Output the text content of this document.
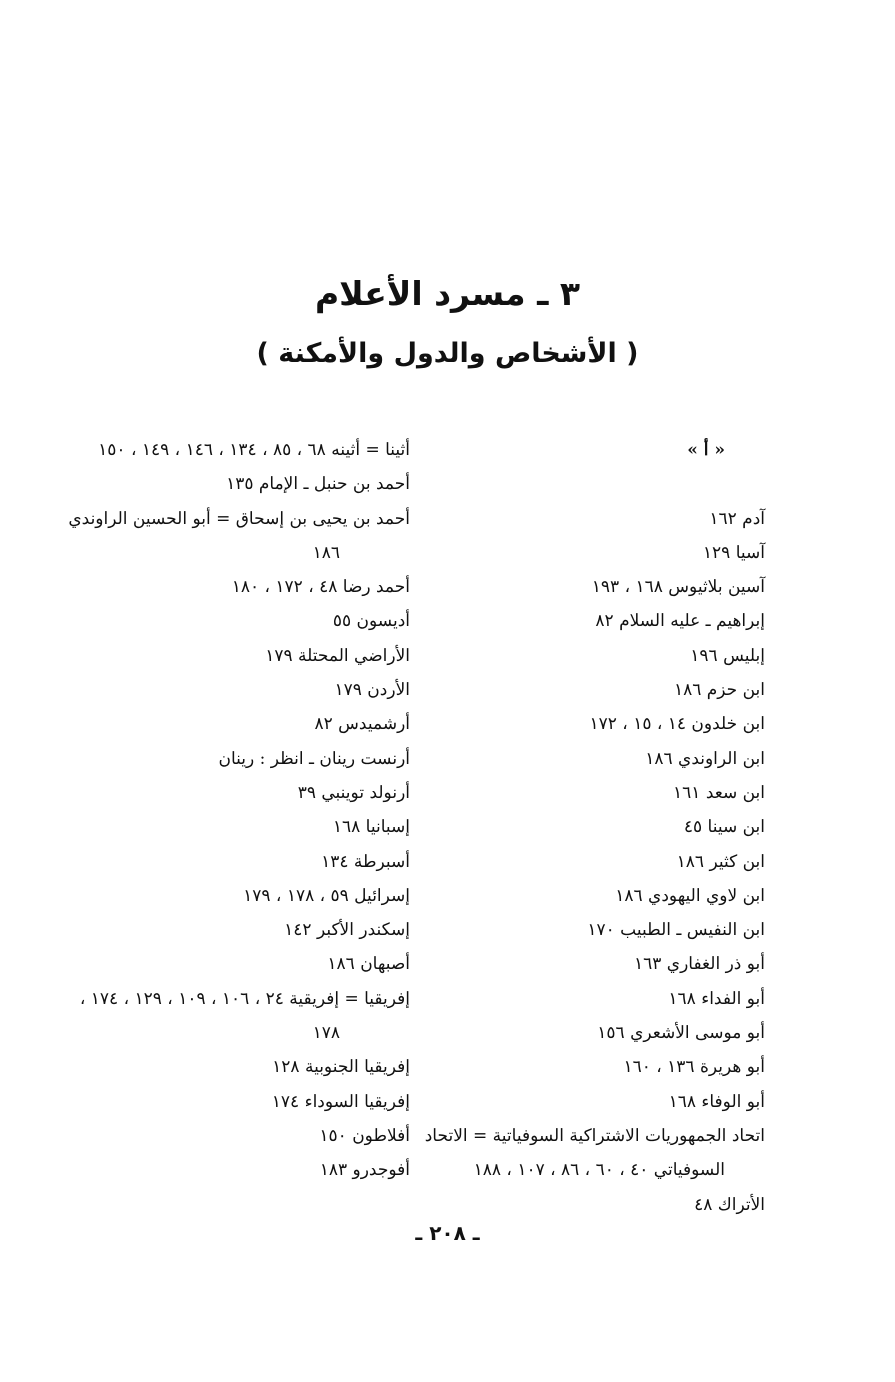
٣ ـ مسرد الأعلام
( الأشخاص والدول والأمكنة )
« أ »
آدم ١٦٢
آسيا ١٢٩
آسين بلاثيوس ١٦٨ ، ١٩٣
إبراهيم ـ عليه السلام ٨٢
إبليس ١٩٦
ابن حزم ١٨٦
ابن خلدون ١٤ ، ١٥ ، ١٧٢
ابن الراوندي ١٨٦
ابن سعد ١٦١
ابن سينا ٤٥
ابن كثير ١٨٦
ابن لاوي اليهودي ١٨٦
ابن النفيس ـ الطبيب ١٧٠
أبو ذر الغفاري ١٦٣
أبو الفداء ١٦٨
أبو موسى الأشعري ١٥٦
أبو هريرة ١٣٦ ، ١٦٠
أبو الوفاء ١٦٨
اتحاد الجمهوريات الاشتراكية السوفياتية = الاتحاد
السوفياتي ٤٠ ، ٦٠ ، ٨٦ ، ١٠٧ ، ١٨٨
الأتراك ٤٨
أثينا = أثينه ٦٨ ، ٨٥ ، ١٣٤ ، ١٤٦ ، ١٤٩ ، ١٥٠
أحمد بن حنبل ـ الإمام ١٣٥
أحمد بن يحيى بن إسحاق = أبو الحسين الراوندي
١٨٦
أحمد رضا ٤٨ ، ١٧٢ ، ١٨٠
أديسون ٥٥
الأراضي المحتلة ١٧٩
الأردن ١٧٩
أرشميدس ٨٢
أرنست رينان ـ انظر : رينان
أرنولد توينبي ٣٩
إسبانيا ١٦٨
أسبرطة ١٣٤
إسرائيل ٥٩ ، ١٧٨ ، ١٧٩
إسكندر الأكبر ١٤٢
أصبهان ١٨٦
إفريقيا = إفريقية ٢٤ ، ١٠٦ ، ١٠٩ ، ١٢٩ ، ١٧٤ ،
١٧٨
إفريقيا الجنوبية ١٢٨
إفريقيا السوداء ١٧٤
أفلاطون ١٥٠
أفوجدرو ١٨٣
ـ ٢٠٨ ـ
